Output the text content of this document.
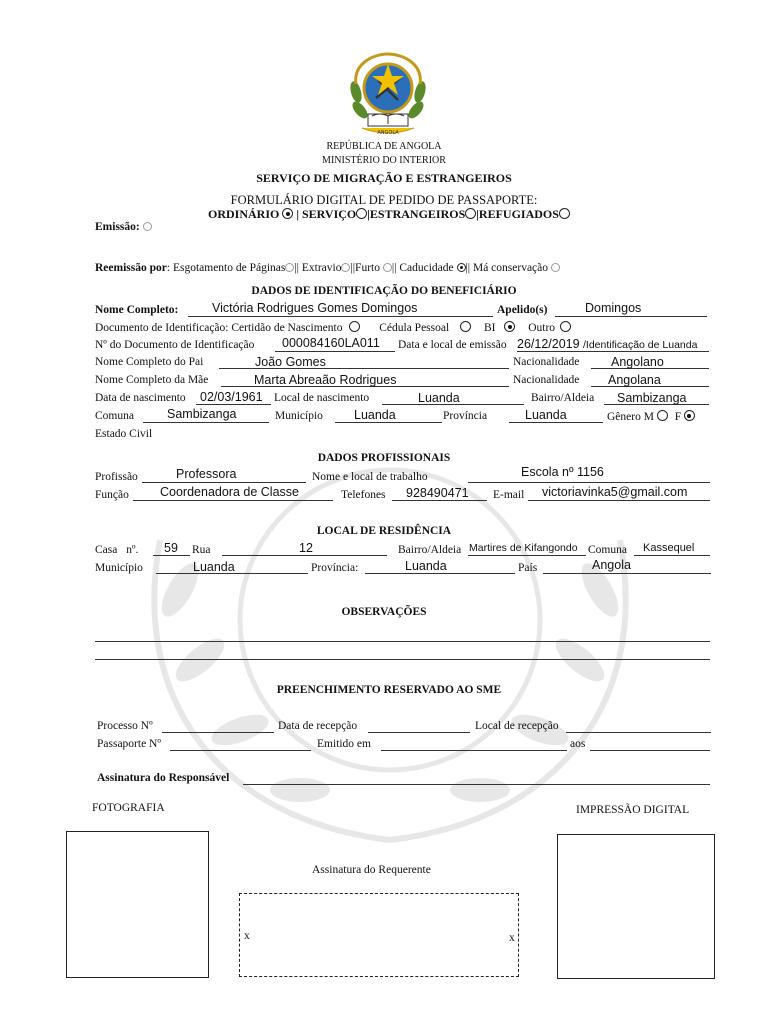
ANGOLA
REPÚBLICA DE ANGOLA
MINISTÉRIO DO INTERIOR
SERVIÇO DE MIGRAÇÃO E ESTRANGEIROS
FORMULÁRIO DIGITAL DE PEDIDO DE PASSAPORTE:
ORDINÁRIO | SERVIÇO |ESTRANGEIROS |REFUGIADOS
Emissão:
Reemissão por: Esgotamento de Páginas || Extravio ||Furto || Caducidade || Má conservação
DADOS DE IDENTIFICAÇÃO DO BENEFICIÁRIO
Nome Completo:	Victória Rodrigues Gomes Domingos	Apelido(s)	Domingos
Documento de Identificação: Certidão de Nascimento	Cédula Pessoal	BI	Outro
Nº do Documento de Identificação 000084160LA011 Data e local de emissão 26/12/2019 /Identificação de Luanda
Nome Completo do Pai	João Gomes	Nacionalidade	Angolano
Nome Completo da Mãe	Marta Abreaão Rodrigues	Nacionalidade Angolana
Data de nascimento 02/03/1961 Local de nascimento	Luanda	Bairro/Aldeia Sambizanga
Comuna	Sambizanga	Município Luanda	Província	Luanda	Gênero M F
Estado Civil
DADOS PROFISSIONAIS
Profissão	Professora	Nome e local de trabalho	Escola nº 1156
Função Coordenadora de Classe	Telefones 928490471 E-mail victoriavinka5@gmail.com
LOCAL DE RESIDÊNCIA
Casa nº. 59 Rua	12	Bairro/Aldeia Martires de Kifangondo Comuna Kassequel
Município	Luanda	Província:	Luanda	País	Angola
OBSERVAÇÕES
PREENCHIMENTO RESERVADO AO SME
Processo Nº	Data de recepção	Local de recepção
Passaporte Nº	Emitido em	aos
Assinatura do Responsável
FOTOGRAFIA	IMPRESSÃO DIGITAL
Assinatura do Requerente
x	x
